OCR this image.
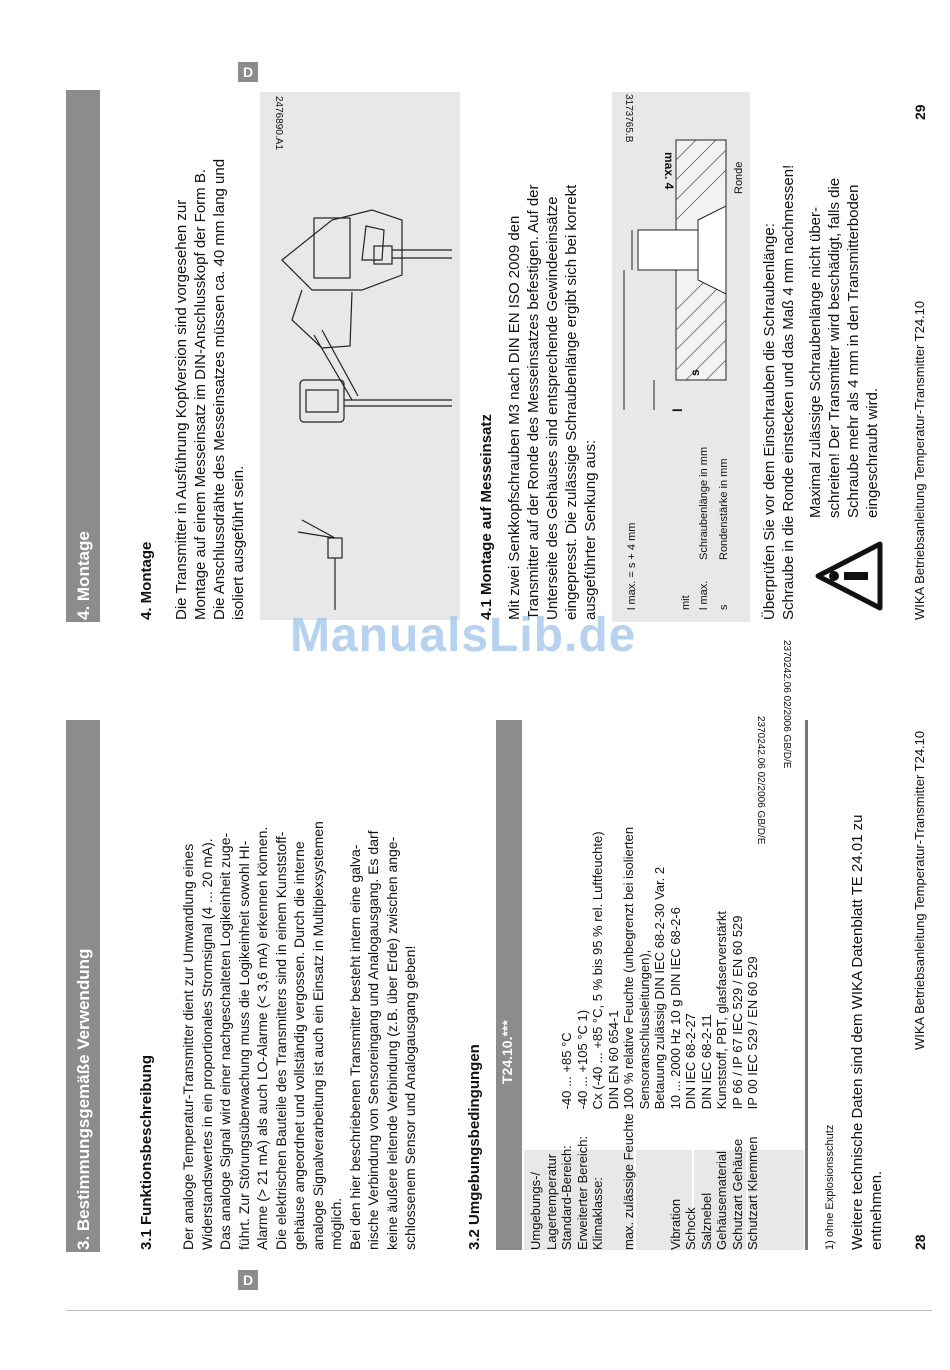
3. Bestimmungsgemäße Verwendung
D
3.1 Funktionsbeschreibung Der analoge Temperatur-Transmitter dient zur Umwandlung eines Widerstandswertes in ein proportionales Stromsignal (4 ... 20 mA). Das analoge Signal wird einer nachgeschalteten Logikeinheit zuge- führt. Zur Störungsüberwachung muss die Logikeinheit sowohl HI- Alarme (> 21 mA) als auch LO-Alarme (< 3,6 mA) erkennen können. Die elektrischen Bauteile des Transmitters sind in einem Kunststoff- gehäuse angeordnet und vollständig vergossen. Durch die interne analoge Signalverarbeitung ist auch ein Einsatz in Multiplexsystemen möglich. Bei den hier beschriebenen Transmitter besteht intern eine galva- nische Verbindung von Sensoreingang und Analogausgang. Es darf keine äußere leitende Verbindung (z.B. über Erde) zwischen ange- schlossenem Sensor und Analogausgang geben!	3.2 Umgebungsbedingungen T24.10.***
Umgebungs-/	
Lagertemperatur	
Standard-Bereich:	-40 ... +85 °C
Erweiterter Bereich:	-40 ... +105 °C 1)
Klimaklasse:	Cx (-40 ... +85 °C, 5 % bis 95 % rel. Luftfeuchte)
	DIN EN 60 654-1
max. zulässige Feuchte	100 % relative Feuchte (unbegrenzt bei isolierten
	Sensoranschlussleitungen),
	Betauung zulässig DIN IEC 68-2-30 Var. 2
Vibration	10 ... 2000 Hz 10 g DIN IEC 68-2-6
Schock	DIN IEC 68-2-27
Salznebel	DIN IEC 68-2-11
Gehäusematerial	Kunststoff, PBT, glasfaserverstärkt
Schutzart Gehäuse	IP 66 / IP 67 IEC 529 / EN 60 529
Schutzart Klemmen	IP 00 IEC 529 / EN 60 529
1) ohne Explosionsschutz Weitere technische Daten sind dem WIKA Datenblatt TE 24.01 zu entnehmen. 28
WIKA Betriebsanleitung Temperatur-Transmitter T24.10
2370242.06 02/2006 GB/D/E
4. Montage
D
2476890.A1
4. Montage Die Transmitter in Ausführung Kopfversion sind vorgesehen zur Montage auf einem Messeinsatz im DIN-Anschlusskopf der Form B. Die Anschlussdrähte des Messeinsatzes müssen ca. 40 mm lang und isoliert ausgeführt sein.	4.1 Montage auf Messeinsatz Mit zwei Senkkopfschrauben M3 nach DIN EN ISO 2009 den Transmitter auf der Ronde des Messeinsatzes befestigen. Auf der Unterseite des Gehäuses sind entsprechende Gewindeeinsätze eingepresst. Die zulässige Schraubenlänge ergibt sich bei korrekt ausgeführter Senkung aus:
3173765.B
l max. = s + 4 mm	mit l max.
Schraubenlänge in mm
s
Rondenstärke in mm
max. 4
l
s
Ronde
Überprüfen Sie vor dem Einschrauben die Schraubenlänge: Schraube in die Ronde einstecken und das Maß 4 mm nachmessen! Maximal zulässige Schraubenlänge nicht über- schreiten! Der Transmitter wird beschädigt, falls die Schraube mehr als 4 mm in den Transmitterboden eingeschraubt wird. WIKA Betriebsanleitung Temperatur-Transmitter T24.10
29
2370242.06 02/2006 GB/D/E
ManualsLib.de
